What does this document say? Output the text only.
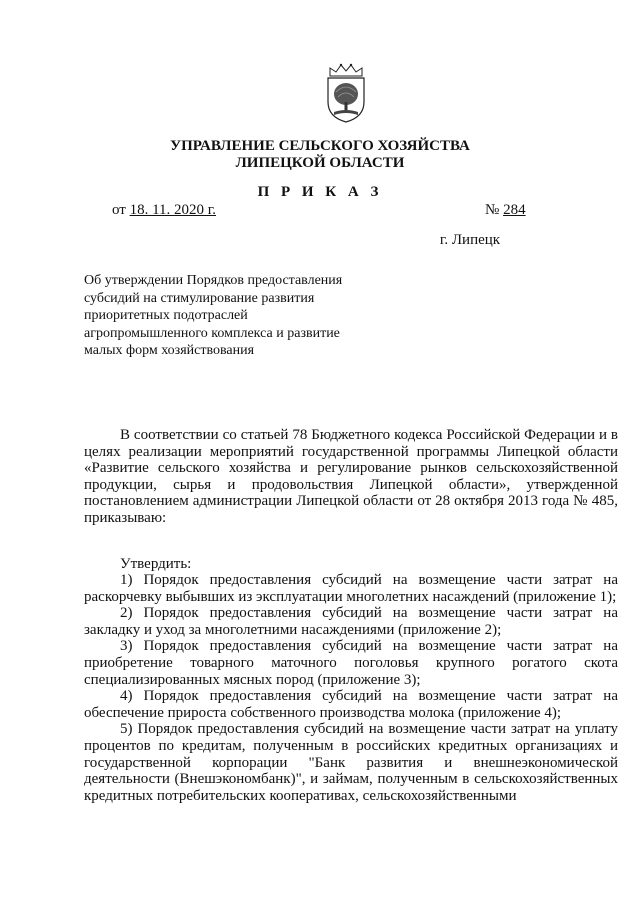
УПРАВЛЕНИЕ СЕЛЬСКОГО ХОЗЯЙСТВА
ЛИПЕЦКОЙ ОБЛАСТИ
П Р И К А З
от 18. 11. 2020 г.	№ 284
г. Липецк
Об утверждении Порядков предоставления субсидий на стимулирование развития приоритетных подотраслей агропромышленного комплекса и развитие малых форм хозяйствования
В соответствии со статьей 78 Бюджетного кодекса Российской Федерации и в целях реализации мероприятий государственной программы Липецкой области «Развитие сельского хозяйства и регулирование рынков сельскохозяйственной продукции, сырья и продовольствия Липецкой области», утвержденной постановлением администрации Липецкой области от 28 октября 2013 года № 485, приказываю:
Утвердить:

1) Порядок предоставления субсидий на возмещение части затрат на раскорчевку выбывших из эксплуатации многолетних насаждений (приложение 1);

2) Порядок предоставления субсидий на возмещение части затрат на закладку и уход за многолетними насаждениями (приложение 2);

3) Порядок предоставления субсидий на возмещение части затрат на приобретение товарного маточного поголовья крупного рогатого скота специализированных мясных пород (приложение 3);

4) Порядок предоставления субсидий на возмещение части затрат на обеспечение прироста собственного производства молока (приложение 4);

5) Порядок предоставления субсидий на возмещение части затрат на уплату процентов по кредитам, полученным в российских кредитных организациях и государственной корпорации "Банк развития и внешнеэкономической деятельности (Внешэкономбанк)", и займам, полученным в сельскохозяйственных кредитных потребительских кооперативах, сельскохозяйственными
